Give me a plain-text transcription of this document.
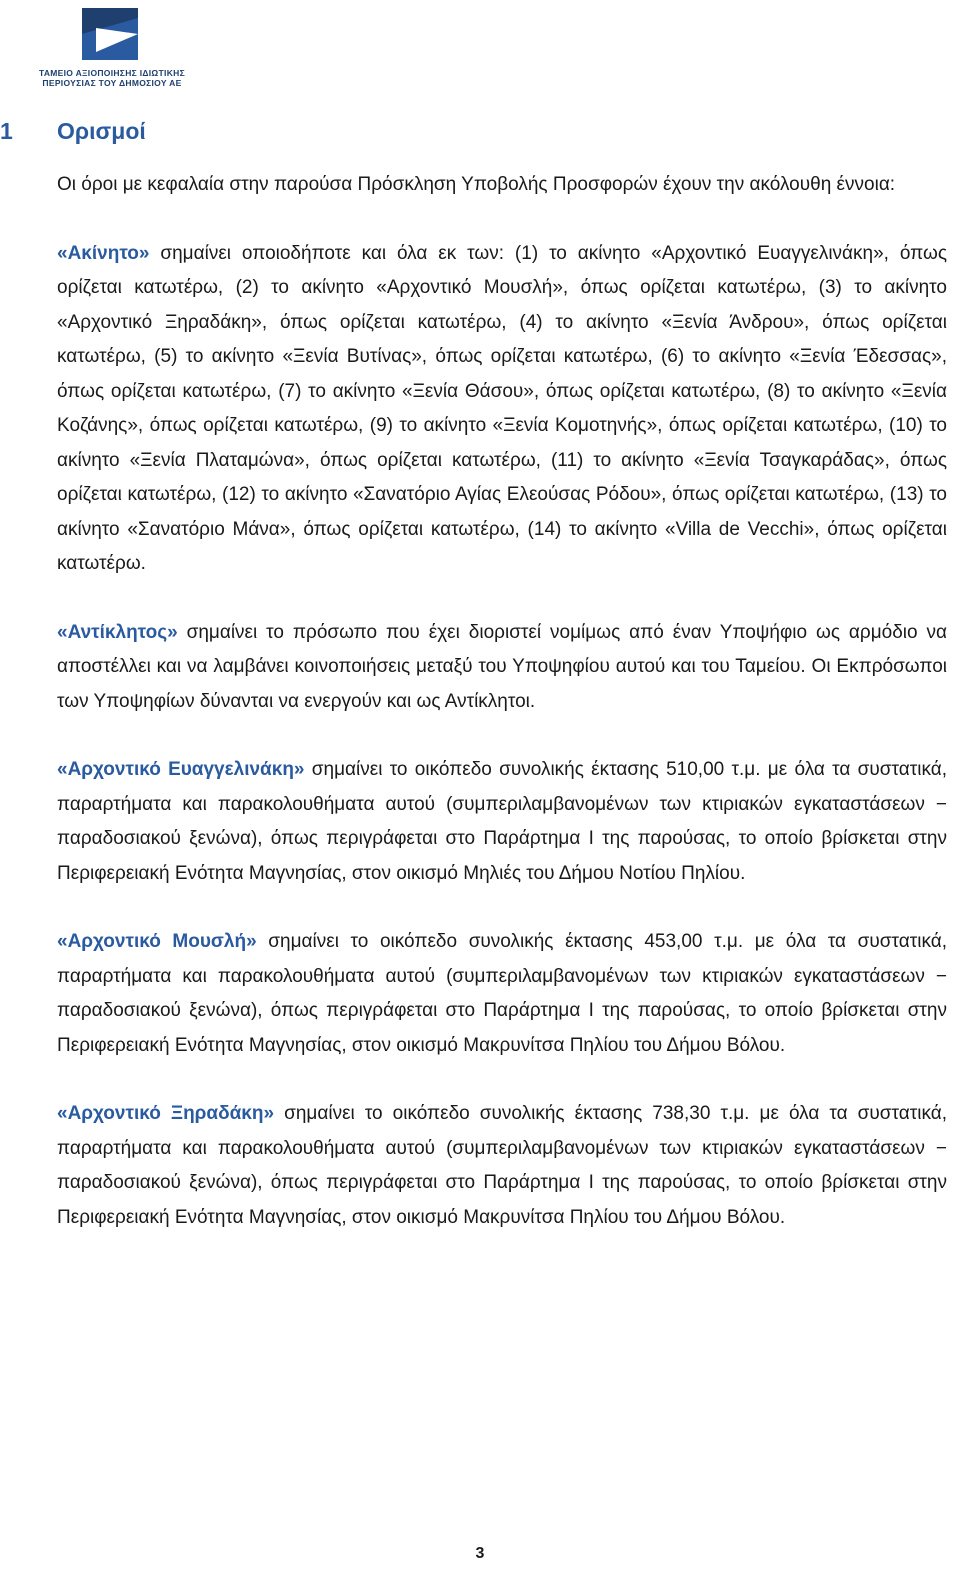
ΤΑΜΕΙΟ ΑΞΙΟΠΟΙΗΣΗΣ ΙΔΙΩΤΙΚΗΣ
ΠΕΡΙΟΥΣΙΑΣ ΤΟΥ ΔΗΜΟΣΙΟΥ ΑΕ
1 Ορισμοί

Οι όροι με κεφαλαία στην παρούσα Πρόσκληση Υποβολής Προσφορών έχουν την ακόλουθη έννοια:

«Ακίνητο» σημαίνει οποιοδήποτε και όλα εκ των: (1) το ακίνητο «Αρχοντικό Ευαγγελινάκη», όπως ορίζεται κατωτέρω, (2) το ακίνητο «Αρχοντικό Μουσλή», όπως ορίζεται κατωτέρω, (3) το ακίνητο «Αρχοντικό Ξηραδάκη», όπως ορίζεται κατωτέρω, (4) το ακίνητο «Ξενία Άνδρου», όπως ορίζεται κατωτέρω, (5) το ακίνητο «Ξενία Βυτίνας», όπως ορίζεται κατωτέρω, (6) το ακίνητο «Ξενία Έδεσσας», όπως ορίζεται κατωτέρω, (7) το ακίνητο «Ξενία Θάσου», όπως ορίζεται κατωτέρω, (8) το ακίνητο «Ξενία Κοζάνης», όπως ορίζεται κατωτέρω, (9) το ακίνητο «Ξενία Κομοτηνής», όπως ορίζεται κατωτέρω, (10) το ακίνητο «Ξενία Πλαταμώνα», όπως ορίζεται κατωτέρω, (11) το ακίνητο «Ξενία Τσαγκαράδας», όπως ορίζεται κατωτέρω, (12) το ακίνητο «Σανατόριο Αγίας Ελεούσας Ρόδου», όπως ορίζεται κατωτέρω, (13) το ακίνητο «Σανατόριο Μάνα», όπως ορίζεται κατωτέρω, (14) το ακίνητο «Villa de Vecchi», όπως ορίζεται κατωτέρω.

«Αντίκλητος» σημαίνει το πρόσωπο που έχει διοριστεί νομίμως από έναν Υποψήφιο ως αρμόδιο να αποστέλλει και να λαμβάνει κοινοποιήσεις μεταξύ του Υποψηφίου αυτού και του Ταμείου. Οι Εκπρόσωποι των Υποψηφίων δύνανται να ενεργούν και ως Αντίκλητοι.

«Αρχοντικό Ευαγγελινάκη» σημαίνει το οικόπεδο συνολικής έκτασης 510,00 τ.μ. με όλα τα συστατικά, παραρτήματα και παρακολουθήματα αυτού (συμπεριλαμβανομένων των κτιριακών εγκαταστάσεων − παραδοσιακού ξενώνα), όπως περιγράφεται στο Παράρτημα Ι της παρούσας, το οποίο βρίσκεται στην Περιφερειακή Ενότητα Μαγνησίας, στον οικισμό Μηλιές του Δήμου Νοτίου Πηλίου.

«Αρχοντικό Μουσλή» σημαίνει το οικόπεδο συνολικής έκτασης 453,00 τ.μ. με όλα τα συστατικά, παραρτήματα και παρακολουθήματα αυτού (συμπεριλαμβανομένων των κτιριακών εγκαταστάσεων − παραδοσιακού ξενώνα), όπως περιγράφεται στο Παράρτημα Ι της παρούσας, το οποίο βρίσκεται στην Περιφερειακή Ενότητα Μαγνησίας, στον οικισμό Μακρυνίτσα Πηλίου του Δήμου Βόλου.

«Αρχοντικό Ξηραδάκη» σημαίνει το οικόπεδο συνολικής έκτασης 738,30 τ.μ. με όλα τα συστατικά, παραρτήματα και παρακολουθήματα αυτού (συμπεριλαμβανομένων των κτιριακών εγκαταστάσεων − παραδοσιακού ξενώνα), όπως περιγράφεται στο Παράρτημα Ι της παρούσας, το οποίο βρίσκεται στην Περιφερειακή Ενότητα Μαγνησίας, στον οικισμό Μακρυνίτσα Πηλίου του Δήμου Βόλου.

3
